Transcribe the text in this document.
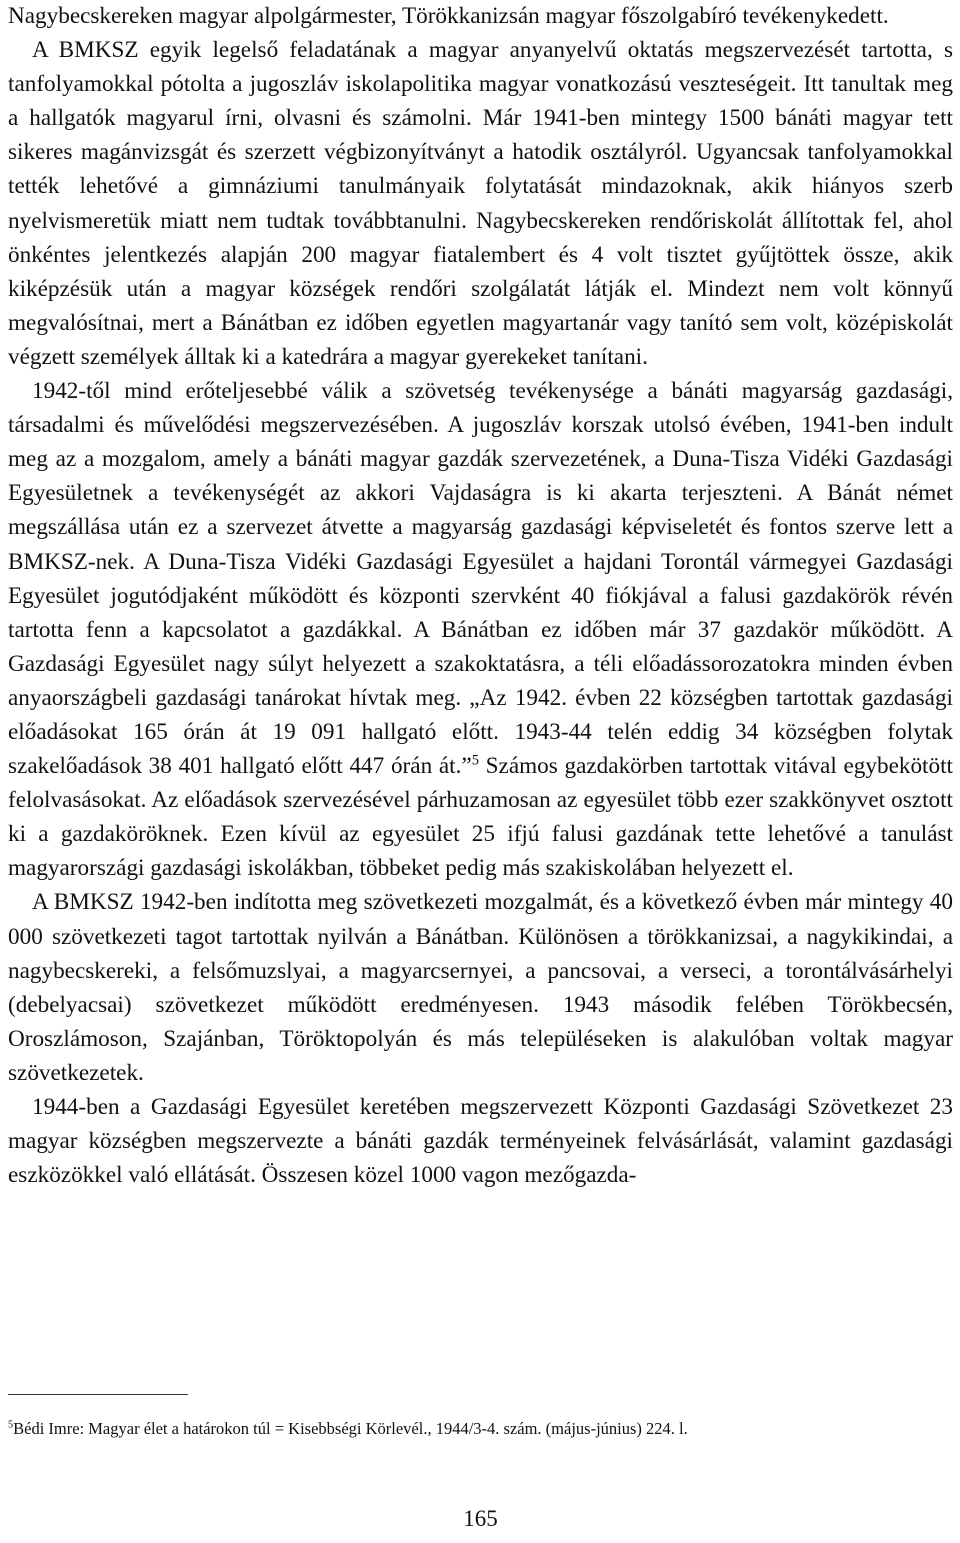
Nagybecskereken magyar alpolgármester, Törökkanizsán magyar főszolgabíró tevékenykedett.

A BMKSZ egyik legelső feladatának a magyar anyanyelvű oktatás megszervezését tartotta, s tanfolyamokkal pótolta a jugoszláv iskolapolitika magyar vonatkozású veszteségeit. Itt tanultak meg a hallgatók magyarul írni, olvasni és számolni. Már 1941-ben mintegy 1500 bánáti magyar tett sikeres magánvizsgát és szerzett végbizonyítványt a hatodik osztályról. Ugyancsak tanfolyamokkal tették lehetővé a gimnáziumi tanulmányaik folytatását mindazoknak, akik hiányos szerb nyelvismeretük miatt nem tudtak továbbtanulni. Nagybecskereken rendőriskolát állítottak fel, ahol önkéntes jelentkezés alapján 200 magyar fiatalembert és 4 volt tisztet gyűjtöttek össze, akik kiképzésük után a magyar községek rendőri szolgálatát látják el. Mindezt nem volt könnyű megvalósítnai, mert a Bánátban ez időben egyetlen magyartanár vagy tanító sem volt, középiskolát végzett személyek álltak ki a katedrára a magyar gyerekeket tanítani.

1942-től mind erőteljesebbé válik a szövetség tevékenysége a bánáti magyarság gazdasági, társadalmi és művelődési megszervezésében. A jugoszláv korszak utolsó évében, 1941-ben indult meg az a mozgalom, amely a bánáti magyar gazdák szervezetének, a Duna-Tisza Vidéki Gazdasági Egyesületnek a tevékenységét az akkori Vajdaságra is ki akarta terjeszteni. A Bánát német megszállása után ez a szervezet átvette a magyarság gazdasági képviseletét és fontos szerve lett a BMKSZ-nek. A Duna-Tisza Vidéki Gazdasági Egyesület a hajdani Torontál vármegyei Gazdasági Egyesület jogutódjaként működött és központi szervként 40 fiókjával a falusi gazdakörök révén tartotta fenn a kapcsolatot a gazdákkal. A Bánátban ez időben már 37 gazdakör működött. A Gazdasági Egyesület nagy súlyt helyezett a szakoktatásra, a téli előadássorozatokra minden évben anyaországbeli gazdasági tanárokat hívtak meg. „Az 1942. évben 22 községben tartottak gazdasági előadásokat 165 órán át 19 091 hallgató előtt. 1943-44 telén eddig 34 községben folytak szakelőadások 38 401 hallgató előtt 447 órán át.”$^5$ Számos gazdakörben tartottak vitával egybekötött felolvasásokat. Az előadások szervezésével párhuzamosan az egyesület több ezer szakkönyvet osztott ki a gazdaköröknek. Ezen kívül az egyesület 25 ifjú falusi gazdának tette lehetővé a tanulást magyarországi gazdasági iskolákban, többeket pedig más szakiskolában helyezett el.

A BMKSZ 1942-ben indította meg szövetkezeti mozgalmát, és a következő évben már mintegy 40 000 szövetkezeti tagot tartottak nyilván a Bánátban. Különösen a törökkanizsai, a nagykikindai, a nagybecskereki, a felsőmuzslyai, a magyarcsernyei, a pancsovai, a verseci, a torontálvásárhelyi (debelyacsai) szövetkezet működött eredményesen. 1943 második felében Törökbecsén, Oroszlámoson, Szajánban, Töröktopolyán és más településeken is alakulóban voltak magyar szövetkezetek.

1944-ben a Gazdasági Egyesület keretében megszervezett Központi Gazdasági Szövetkezet 23 magyar községben megszervezte a bánáti gazdák terményeinek felvásárlását, valamint gazdasági eszközökkel való ellátását. Összesen közel 1000 vagon mezőgazda-

$^5$Bédi Imre: Magyar élet a határokon túl = Kisebbségi Körlevél., 1944/3-4. szám. (május-június) 224. l.
165
